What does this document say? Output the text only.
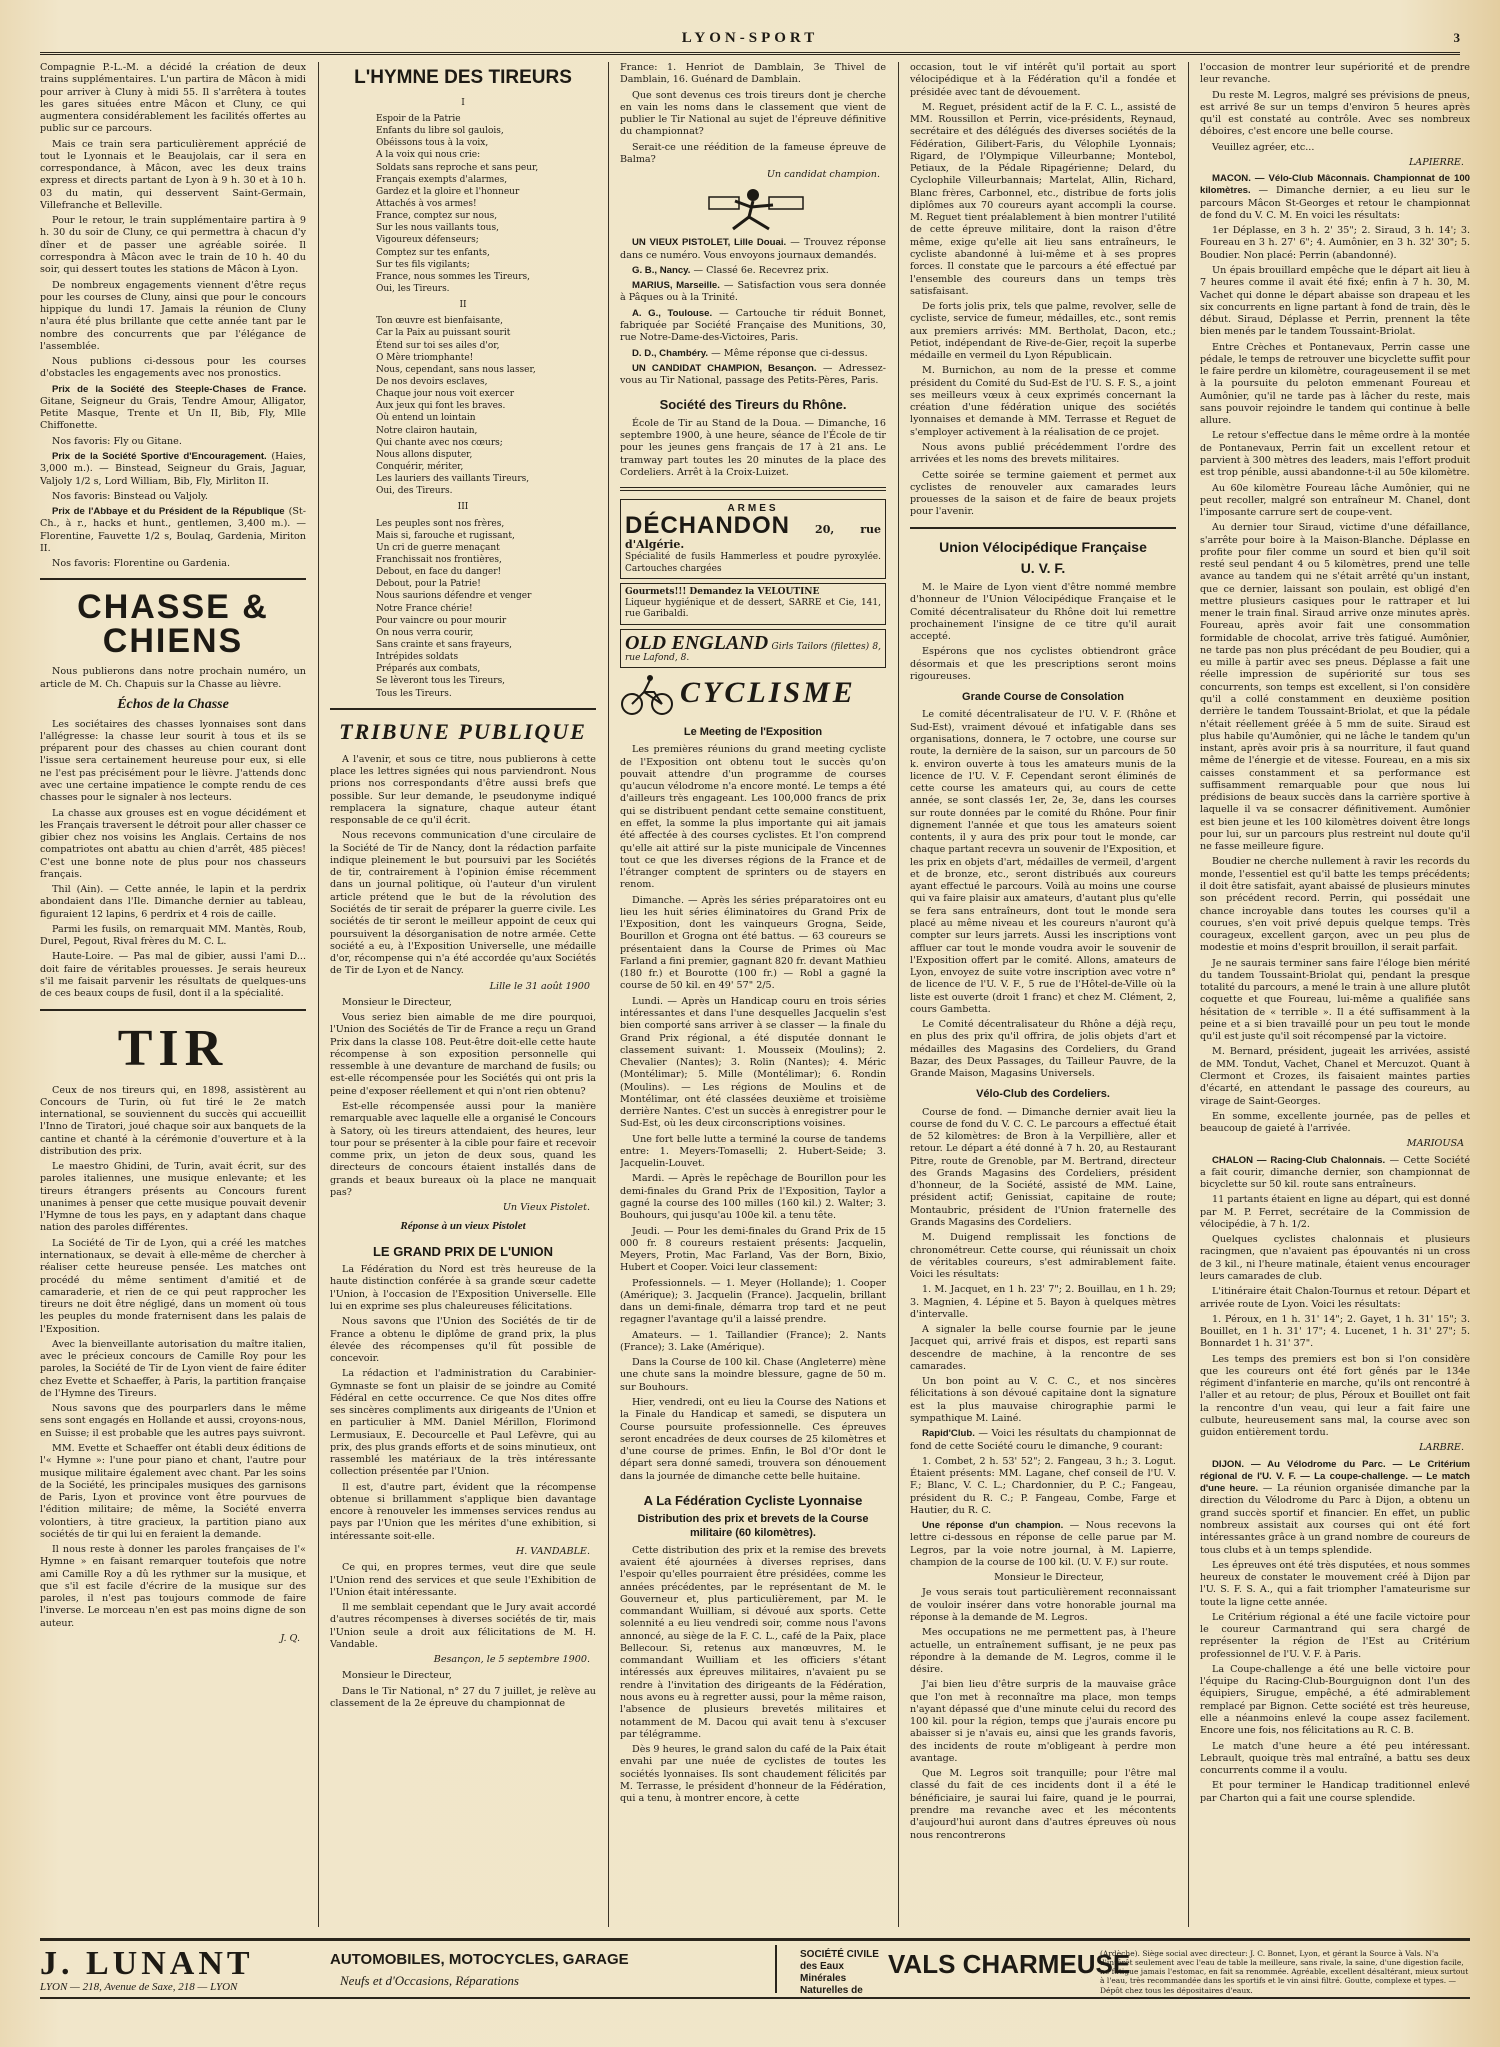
LYON-SPORT	3

Compagnie P.-L.-M. a décidé la création de deux trains supplémentaires. L'un partira de Mâcon à midi pour arriver à Cluny à midi 55. Il s'arrêtera à toutes les gares situées entre Mâcon et Cluny, ce qui augmentera considérablement les facilités offertes au public sur ce parcours.

Mais ce train sera particulièrement apprécié de tout le Lyonnais et le Beaujolais, car il sera en correspondance, à Mâcon, avec les deux trains express et directs partant de Lyon à 9 h. 30 et à 10 h. 03 du matin, qui desservent Saint-Germain, Villefranche et Belleville.

Pour le retour, le train supplémentaire partira à 9 h. 30 du soir de Cluny, ce qui permettra à chacun d'y dîner et de passer une agréable soirée. Il correspondra à Mâcon avec le train de 10 h. 40 du soir, qui dessert toutes les stations de Mâcon à Lyon.

De nombreux engagements viennent d'être reçus pour les courses de Cluny, ainsi que pour le concours hippique du lundi 17. Jamais la réunion de Cluny n'aura été plus brillante que cette année tant par le nombre des concurrents que par l'élégance de l'assemblée.

Nous publions ci-dessous pour les courses d'obstacles les engagements avec nos pronostics.

Prix de la Société des Steeple-Chases de France. Gitane, Seigneur du Grais, Tendre Amour, Alligator, Petite Masque, Trente et Un II, Bib, Fly, Mlle Chiffonette.

Nos favoris: Fly ou Gitane.

Prix de la Société Sportive d'Encouragement. (Haies, 3,000 m.). — Binstead, Seigneur du Grais, Jaguar, Valjoly 1/2 s, Lord William, Bib, Fly, Mirliton II.

Nos favoris: Binstead ou Valjoly.

Prix de l'Abbaye et du Président de la République (St-Ch., à r., hacks et hunt., gentlemen, 3,400 m.). — Florentine, Fauvette 1/2 s, Boulaq, Gardenia, Miriton II.

Nos favoris: Florentine ou Gardenia.

CHASSE & CHIENS

Nous publierons dans notre prochain numéro, un article de M. Ch. Chapuis sur la Chasse au lièvre.

Échos de la Chasse

Les sociétaires des chasses lyonnaises sont dans l'allégresse: la chasse leur sourit à tous et ils se préparent pour des chasses au chien courant dont l'issue sera certainement heureuse pour eux, si elle ne l'est pas précisément pour le lièvre. J'attends donc avec une certaine impatience le compte rendu de ces chasses pour le signaler à nos lecteurs.

La chasse aux grouses est en vogue décidément et les Français traversent le détroit pour aller chasser ce gibier chez nos voisins les Anglais. Certains de nos compatriotes ont abattu au chien d'arrêt, 485 pièces! C'est une bonne note de plus pour nos chasseurs français.

Thil (Ain). — Cette année, le lapin et la perdrix abondaient dans l'Ile. Dimanche dernier au tableau, figuraient 12 lapins, 6 perdrix et 4 rois de caille.

Parmi les fusils, on remarquait MM. Mantès, Roub, Durel, Pegout, Rival frères du M. C. L.

Haute-Loire. — Pas mal de gibier, aussi l'ami D... doit faire de véritables prouesses. Je serais heureux s'il me faisait parvenir les résultats de quelques-uns de ces beaux coups de fusil, dont il a la spécialité.

TIR

Ceux de nos tireurs qui, en 1898, assistèrent au Concours de Turin, où fut tiré le 2e match international, se souviennent du succès qui accueillit l'Inno de Tiratori, joué chaque soir aux banquets de la cantine et chanté à la cérémonie d'ouverture et à la distribution des prix.

Le maestro Ghidini, de Turin, avait écrit, sur des paroles italiennes, une musique enlevante; et les tireurs étrangers présents au Concours furent unanimes à penser que cette musique pouvait devenir l'Hymne de tous les pays, en y adaptant dans chaque nation des paroles différentes.

La Société de Tir de Lyon, qui a créé les matches internationaux, se devait à elle-même de chercher à réaliser cette heureuse pensée. Les matches ont procédé du même sentiment d'amitié et de camaraderie, et rien de ce qui peut rapprocher les tireurs ne doit être négligé, dans un moment où tous les peuples du monde fraternisent dans les palais de l'Exposition.

Avec la bienveillante autorisation du maître italien, avec le précieux concours de Camille Roy pour les paroles, la Société de Tir de Lyon vient de faire éditer chez Evette et Schaeffer, à Paris, la partition française de l'Hymne des Tireurs.

Nous savons que des pourparlers dans le même sens sont engagés en Hollande et aussi, croyons-nous, en Suisse; il est probable que les autres pays suivront.

MM. Evette et Schaeffer ont établi deux éditions de l'« Hymne »: l'une pour piano et chant, l'autre pour musique militaire également avec chant. Par les soins de la Société, les principales musiques des garnisons de Paris, Lyon et province vont être pourvues de l'édition militaire; de même, la Société enverra volontiers, à titre gracieux, la partition piano aux sociétés de tir qui lui en feraient la demande.

Il nous reste à donner les paroles françaises de l'« Hymne » en faisant remarquer toutefois que notre ami Camille Roy a dû les rythmer sur la musique, et que s'il est facile d'écrire de la musique sur des paroles, il n'est pas toujours commode de faire l'inverse. Le morceau n'en est pas moins digne de son auteur.

J. Q.
L'HYMNE DES TIREURS
I
Espoir de la Patrie
Enfants du libre sol gaulois,
Obéissons tous à la voix,
A la voix qui nous crie:
Soldats sans reproche et sans peur,
Français exempts d'alarmes,
Gardez et la gloire et l'honneur
Attachés à vos armes!
France, comptez sur nous,
Sur les nous vaillants tous,
Vigoureux défenseurs;
Comptez sur tes enfants,
Sur tes fils vigilants;
France, nous sommes les Tireurs,
Oui, les Tireurs.
II
Ton œuvre est bienfaisante,
Car la Paix au puissant sourit
Étend sur toi ses ailes d'or,
O Mère triomphante!
Nous, cependant, sans nous lasser,
De nos devoirs esclaves,
Chaque jour nous voit exercer
Aux jeux qui font les braves.
Où entend un lointain
Notre clairon hautain,
Qui chante avec nos cœurs;
Nous allons disputer,
Conquérir, mériter,
Les lauriers des vaillants Tireurs,
Oui, des Tireurs.
III
Les peuples sont nos frères,
Mais si, farouche et rugissant,
Un cri de guerre menaçant
Franchissait nos frontières,
Debout, en face du danger!
Debout, pour la Patrie!
Nous saurions défendre et venger
Notre France chérie!
Pour vaincre ou pour mourir
On nous verra courir,
Sans crainte et sans frayeurs,
Intrépides soldats
Préparés aux combats,
Se lèveront tous les Tireurs,
Tous les Tireurs.
TRIBUNE PUBLIQUE

A l'avenir, et sous ce titre, nous publierons à cette place les lettres signées qui nous parviendront. Nous prions nos correspondants d'être aussi brefs que possible. Sur leur demande, le pseudonyme indiqué remplacera la signature, chaque auteur étant responsable de ce qu'il écrit.

Nous recevons communication d'une circulaire de la Société de Tir de Nancy, dont la rédaction parfaite indique pleinement le but poursuivi par les Sociétés de tir, contrairement à l'opinion émise récemment dans un journal politique, où l'auteur d'un virulent article prétend que le but de la révolution des Sociétés de tir serait de préparer la guerre civile. Les sociétés de tir seront le meilleur appoint de ceux qui poursuivent la désorganisation de notre armée. Cette société a eu, à l'Exposition Universelle, une médaille d'or, récompense qui n'a été accordée qu'aux Sociétés de Tir de Lyon et de Nancy.

Lille le 31 août 1900

Monsieur le Directeur,

Vous seriez bien aimable de me dire pourquoi, l'Union des Sociétés de Tir de France a reçu un Grand Prix dans la classe 108. Peut-être doit-elle cette haute récompense à son exposition personnelle qui ressemble à une devanture de marchand de fusils; ou est-elle récompensée pour les Sociétés qui ont pris la peine d'exposer réellement et qui n'ont rien obtenu?

Est-elle récompensée aussi pour la manière remarquable avec laquelle elle a organisé le Concours à Satory, où les tireurs attendaient, des heures, leur tour pour se présenter à la cible pour faire et recevoir comme prix, un jeton de deux sous, quand les directeurs de concours étaient installés dans de grands et beaux bureaux où la place ne manquait pas?

Un Vieux Pistolet.
Réponse à un vieux Pistolet
LE GRAND PRIX DE L'UNION

La Fédération du Nord est très heureuse de la haute distinction conférée à sa grande sœur cadette l'Union, à l'occasion de l'Exposition Universelle. Elle lui en exprime ses plus chaleureuses félicitations.

Nous savons que l'Union des Sociétés de tir de France a obtenu le diplôme de grand prix, la plus élevée des récompenses qu'il fût possible de concevoir.

La rédaction et l'administration du Carabinier-Gymnaste se font un plaisir de se joindre au Comité Fédéral en cette occurrence. Ce que Nos dites offre ses sincères compliments aux dirigeants de l'Union et en particulier à MM. Daniel Mérillon, Florimond Lermusiaux, E. Decourcelle et Paul Lefèvre, qui au prix, des plus grands efforts et de soins minutieux, ont rassemblé les matériaux de la très intéressante collection présentée par l'Union.

Il est, d'autre part, évident que la récompense obtenue si brillamment s'applique bien davantage encore à renouveler les immenses services rendus au pays par l'Union que les mérites d'une exhibition, si intéressante soit-elle.

H. VANDABLE.

Ce qui, en propres termes, veut dire que seule l'Union rend des services et que seule l'Exhibition de l'Union était intéressante.

Il me semblait cependant que le Jury avait accordé d'autres récompenses à diverses sociétés de tir, mais l'Union seule a droit aux félicitations de M. H. Vandable.

Besançon, le 5 septembre 1900.

Monsieur le Directeur,

Dans le Tir National, n° 27 du 7 juillet, je relève au classement de la 2e épreuve du championnat de

France: 1. Henriot de Damblain, 3e Thivel de Damblain, 16. Guénard de Damblain.

Que sont devenus ces trois tireurs dont je cherche en vain les noms dans le classement que vient de publier le Tir National au sujet de l'épreuve définitive du championnat?

Serait-ce une réédition de la fameuse épreuve de Balma?

Un candidat champion.

UN VIEUX PISTOLET, Lille Douai. — Trouvez réponse dans ce numéro. Vous envoyons journaux demandés.

G. B., Nancy. — Classé 6e. Recevrez prix.

MARIUS, Marseille. — Satisfaction vous sera donnée à Pâques ou à la Trinité.

A. G., Toulouse. — Cartouche tir réduit Bonnet, fabriquée par Société Française des Munitions, 30, rue Notre-Dame-des-Victoires, Paris.

D. D., Chambéry. — Même réponse que ci-dessus.

UN CANDIDAT CHAMPION, Besançon. — Adressez-vous au Tir National, passage des Petits-Pères, Paris.

Société des Tireurs du Rhône.

École de Tir au Stand de la Doua. — Dimanche, 16 septembre 1900, à une heure, séance de l'École de tir pour les jeunes gens français de 17 à 21 ans. Le tramway part toutes les 20 minutes de la place des Cordeliers. Arrêt à la Croix-Luizet.

ARMES
DÉCHANDON 20, rue d'Algérie.
Spécialité de fusils Hammerless et poudre pyroxylée. Cartouches chargées
Gourmets!!! Demandez la VELOUTINE
Liqueur hygiénique et de dessert, SARRE et Cie, 141, rue Garibaldi.
OLD ENGLAND Girls Tailors (filettes) 8, rue Lafond, 8.
CYCLISME
Le Meeting de l'Exposition

Les premières réunions du grand meeting cycliste de l'Exposition ont obtenu tout le succès qu'on pouvait attendre d'un programme de courses qu'aucun vélodrome n'a encore monté. Le temps a été d'ailleurs très engageant. Les 100,000 francs de prix qui se distribuent pendant cette semaine constituent, en effet, la somme la plus importante qui ait jamais été affectée à des courses cyclistes. Et l'on comprend qu'elle ait attiré sur la piste municipale de Vincennes tout ce que les diverses régions de la France et de l'étranger comptent de sprinters ou de stayers en renom.

Dimanche. — Après les séries préparatoires ont eu lieu les huit séries éliminatoires du Grand Prix de l'Exposition, dont les vainqueurs Grogna, Seide, Bourillon et Grogna ont été battus. — 63 coureurs se présentaient dans la Course de Primes où Mac Farland a fini premier, gagnant 820 fr. devant Mathieu (180 fr.) et Bourotte (100 fr.) — Robl a gagné la course de 50 kil. en 49' 57" 2/5.

Lundi. — Après un Handicap couru en trois séries intéressantes et dans l'une desquelles Jacquelin s'est bien comporté sans arriver à se classer — la finale du Grand Prix régional, a été disputée donnant le classement suivant: 1. Mousseix (Moulins); 2. Chevalier (Nantes); 3. Rolin (Nantes); 4. Méric (Montélimar); 5. Mille (Montélimar); 6. Rondin (Moulins). — Les régions de Moulins et de Montélimar, ont été classées deuxième et troisième derrière Nantes. C'est un succès à enregistrer pour le Sud-Est, où les deux circonscriptions voisines.

Une fort belle lutte a terminé la course de tandems entre: 1. Meyers-Tomaselli; 2. Hubert-Seide; 3. Jacquelin-Louvet.

Mardi. — Après le repêchage de Bourillon pour les demi-finales du Grand Prix de l'Exposition, Taylor a gagné la course des 100 milles (160 kil.) 2. Walter; 3. Bouhours, qui jusqu'au 100e kil. a tenu tête.

Jeudi. — Pour les demi-finales du Grand Prix de 15 000 fr. 8 coureurs restaient présents: Jacquelin, Meyers, Protin, Mac Farland, Vas der Born, Bixio, Hubert et Cooper. Voici leur classement:

Professionnels. — 1. Meyer (Hollande); 1. Cooper (Amérique); 3. Jacquelin (France). Jacquelin, brillant dans un demi-finale, démarra trop tard et ne peut regagner l'avantage qu'il a laissé prendre.

Amateurs. — 1. Taillandier (France); 2. Nants (France); 3. Lake (Amérique).

Dans la Course de 100 kil. Chase (Angleterre) mène une chute sans la moindre blessure, gagne de 50 m. sur Bouhours.

Hier, vendredi, ont eu lieu la Course des Nations et la Finale du Handicap et samedi, se disputera un Course poursuite professionnelle. Ces épreuves seront encadrées de deux courses de 25 kilomètres et d'une course de primes. Enfin, le Bol d'Or dont le départ sera donné samedi, trouvera son dénouement dans la journée de dimanche cette belle huitaine.

A La Fédération Cycliste Lyonnaise
Distribution des prix et brevets de la Course militaire (60 kilomètres).

Cette distribution des prix et la remise des brevets avaient été ajournées à diverses reprises, dans l'espoir qu'elles pourraient être présidées, comme les années précédentes, par le représentant de M. le Gouverneur et, plus particulièrement, par M. le commandant Wuilliam, si dévoué aux sports. Cette solennité a eu lieu vendredi soir, comme nous l'avons annoncé, au siège de la F. C. L., café de la Paix, place Bellecour. Si, retenus aux manœuvres, M. le commandant Wuilliam et les officiers s'étant intéressés aux épreuves militaires, n'avaient pu se rendre à l'invitation des dirigeants de la Fédération, nous avons eu à regretter aussi, pour la même raison, l'absence de plusieurs brevetés militaires et notamment de M. Dacou qui avait tenu à s'excuser par télégramme.

Dès 9 heures, le grand salon du café de la Paix était envahi par une nuée de cyclistes de toutes les sociétés lyonnaises. Ils sont chaudement félicités par M. Terrasse, le président d'honneur de la Fédération, qui a tenu, à montrer encore, à cette

occasion, tout le vif intérêt qu'il portait au sport vélocipédique et à la Fédération qu'il a fondée et présidée avec tant de dévouement.

M. Reguet, président actif de la F. C. L., assisté de MM. Roussillon et Perrin, vice-présidents, Reynaud, secrétaire et des délégués des diverses sociétés de la Fédération, Gilibert-Faris, du Vélophile Lyonnais; Rigard, de l'Olympique Villeurbanne; Montebol, Petiaux, de la Pédale Ripagérienne; Delard, du Cyclophile Villeurbannais; Martelat, Allin, Richard, Blanc frères, Carbonnel, etc., distribue de forts jolis diplômes aux 70 coureurs ayant accompli la course. M. Reguet tient préalablement à bien montrer l'utilité de cette épreuve militaire, dont la raison d'être même, exige qu'elle ait lieu sans entraîneurs, le cycliste abandonné à lui-même et à ses propres forces. Il constate que le parcours a été effectué par l'ensemble des coureurs dans un temps très satisfaisant.

De forts jolis prix, tels que palme, revolver, selle de cycliste, service de fumeur, médailles, etc., sont remis aux premiers arrivés: MM. Bertholat, Dacon, etc.; Petiot, indépendant de Rive-de-Gier, reçoit la superbe médaille en vermeil du Lyon Républicain.

M. Burnichon, au nom de la presse et comme président du Comité du Sud-Est de l'U. S. F. S., a joint ses meilleurs vœux à ceux exprimés concernant la création d'une fédération unique des sociétés lyonnaises et demande à MM. Terrasse et Reguet de s'employer activement à la réalisation de ce projet.

Nous avons publié précédemment l'ordre des arrivées et les noms des brevets militaires.

Cette soirée se termine gaiement et permet aux cyclistes de renouveler aux camarades leurs prouesses de la saison et de faire de beaux projets pour l'avenir.

Union Vélocipédique Française
U. V. F.

M. le Maire de Lyon vient d'être nommé membre d'honneur de l'Union Vélocipédique Française et le Comité décentralisateur du Rhône doit lui remettre prochainement l'insigne de ce titre qu'il aurait accepté.

Espérons que nos cyclistes obtiendront grâce désormais et que les prescriptions seront moins rigoureuses.

Grande Course de Consolation

Le comité décentralisateur de l'U. V. F. (Rhône et Sud-Est), vraiment dévoué et infatigable dans ses organisations, donnera, le 7 octobre, une course sur route, la dernière de la saison, sur un parcours de 50 k. environ ouverte à tous les amateurs munis de la licence de l'U. V. F. Cependant seront éliminés de cette course les amateurs qui, au cours de cette année, se sont classés 1er, 2e, 3e, dans les courses sur route données par le comité du Rhône. Pour finir dignement l'année et que tous les amateurs soient contents, il y aura des prix pour tout le monde, car chaque partant recevra un souvenir de l'Exposition, et les prix en objets d'art, médailles de vermeil, d'argent et de bronze, etc., seront distribués aux coureurs ayant effectué le parcours. Voilà au moins une course qui va faire plaisir aux amateurs, d'autant plus qu'elle se fera sans entraîneurs, dont tout le monde sera placé au même niveau et les coureurs n'auront qu'à compter sur leurs jarrets. Aussi les inscriptions vont affluer car tout le monde voudra avoir le souvenir de l'Exposition offert par le comité. Allons, amateurs de Lyon, envoyez de suite votre inscription avec votre n° de licence de l'U. V. F., 5 rue de l'Hôtel-de-Ville où la liste est ouverte (droit 1 franc) et chez M. Clément, 2, cours Gambetta.

Le Comité décentralisateur du Rhône a déjà reçu, en plus des prix qu'il offrira, de jolis objets d'art et médailles des Magasins des Cordeliers, du Grand Bazar, des Deux Passages, du Tailleur Pauvre, de la Grande Maison, Magasins Universels.

Vélo-Club des Cordeliers.

Course de fond. — Dimanche dernier avait lieu la course de fond du V. C. C. Le parcours a effectué était de 52 kilomètres: de Bron à la Verpillière, aller et retour. Le départ a été donné à 7 h. 20, au Restaurant Pitre, route de Grenoble, par M. Bertrand, directeur des Grands Magasins des Cordeliers, président d'honneur, de la Société, assisté de MM. Laine, président actif; Genissiat, capitaine de route; Montaubric, président de l'Union fraternelle des Grands Magasins des Cordeliers.

M. Duigend remplissait les fonctions de chronométreur. Cette course, qui réunissait un choix de véritables coureurs, s'est admirablement faite. Voici les résultats:

1. M. Jacquet, en 1 h. 23' 7"; 2. Bouillau, en 1 h. 29; 3. Magnien, 4. Lépine et 5. Bayon à quelques mètres d'intervalle.

A signaler la belle course fournie par le jeune Jacquet qui, arrivé frais et dispos, est reparti sans descendre de machine, à la rencontre de ses camarades.

Un bon point au V. C. C., et nos sincères félicitations à son dévoué capitaine dont la signature est la plus mauvaise chirographie parmi le sympathique M. Lainé.

Rapid'Club. — Voici les résultats du championnat de fond de cette Société couru le dimanche, 9 courant:

1. Combet, 2 h. 53' 52"; 2. Fangeau, 3 h.; 3. Logut. Étaient présents: MM. Lagane, chef conseil de l'U. V. F.; Blanc, V. C. L.; Chardonnier, du P. C.; Fangeau, président du R. C.; P. Fangeau, Combe, Farge et Hautier, du R. C.

Une réponse d'un champion. — Nous recevons la lettre ci-dessous en réponse de celle parue par M. Legros, par la voie notre journal, à M. Lapierre, champion de la course de 100 kil. (U. V. F.) sur route.

Monsieur le Directeur,

Je vous serais tout particulièrement reconnaissant de vouloir insérer dans votre honorable journal ma réponse à la demande de M. Legros.

Mes occupations ne me permettent pas, à l'heure actuelle, un entraînement suffisant, je ne peux pas répondre à la demande de M. Legros, comme il le désire.

J'ai bien lieu d'être surpris de la mauvaise grâce que l'on met à reconnaître ma place, mon temps n'ayant dépassé que d'une minute celui du record des 100 kil. pour la région, temps que j'aurais encore pu abaisser si je n'avais eu, ainsi que les grands favoris, des incidents de route m'obligeant à perdre mon avantage.

Que M. Legros soit tranquille; pour l'être mal classé du fait de ces incidents dont il a été le bénéficiaire, je saurai lui faire, quand je le pourrai, prendre ma revanche avec et les mécontents d'aujourd'hui auront dans d'autres épreuves où nous nous rencontrerons

l'occasion de montrer leur supériorité et de prendre leur revanche.

Du reste M. Legros, malgré ses prévisions de pneus, est arrivé 8e sur un temps d'environ 5 heures après qu'il est constaté au contrôle. Avec ses nombreux déboires, c'est encore une belle course.

Veuillez agréer, etc...

LAPIERRE.

MACON. — Vélo-Club Mâconnais. Championnat de 100 kilomètres. — Dimanche dernier, a eu lieu sur le parcours Mâcon St-Georges et retour le championnat de fond du V. C. M. En voici les résultats:

1er Déplasse, en 3 h. 2' 35"; 2. Siraud, 3 h. 14'; 3. Foureau en 3 h. 27' 6"; 4. Aumônier, en 3 h. 32' 30"; 5. Boudier. Non placé: Perrin (abandonné).

Un épais brouillard empêche que le départ ait lieu à 7 heures comme il avait été fixé; enfin à 7 h. 30, M. Vachet qui donne le départ abaisse son drapeau et les six concurrents en ligne partant à fond de train, dès le début. Siraud, Déplasse et Perrin, prennent la tête bien menés par le tandem Toussaint-Briolat.

Entre Crèches et Pontanevaux, Perrin casse une pédale, le temps de retrouver une bicyclette suffit pour le faire perdre un kilomètre, courageusement il se met à la poursuite du peloton emmenant Foureau et Aumônier, qu'il ne tarde pas à lâcher du reste, mais sans pouvoir rejoindre le tandem qui continue à belle allure.

Le retour s'effectue dans le même ordre à la montée de Pontanevaux, Perrin fait un excellent retour et parvient à 300 mètres des leaders, mais l'effort produit est trop pénible, aussi abandonne-t-il au 50e kilomètre.

Au 60e kilomètre Foureau lâche Aumônier, qui ne peut recoller, malgré son entraîneur M. Chanel, dont l'imposante carrure sert de coupe-vent.

Au dernier tour Siraud, victime d'une défaillance, s'arrête pour boire à la Maison-Blanche. Déplasse en profite pour filer comme un sourd et bien qu'il soit resté seul pendant 4 ou 5 kilomètres, prend une telle avance au tandem qui ne s'était arrêté qu'un instant, que ce dernier, laissant son poulain, est obligé d'en mettre plusieurs casiques pour le rattraper et lui mener le train final. Siraud arrive onze minutes après. Foureau, après avoir fait une consommation formidable de chocolat, arrive très fatigué. Aumônier, ne tarde pas non plus précédant de peu Boudier, qui a eu mille à partir avec ses pneus. Déplasse a fait une réelle impression de supériorité sur tous ses concurrents, son temps est excellent, si l'on considère qu'il a collé constamment en deuxième position derrière le tandem Toussaint-Briolat, et que la pédale n'était réellement gréée à 5 mm de suite. Siraud est plus habile qu'Aumônier, qui ne lâche le tandem qu'un instant, après avoir pris à sa nourriture, il faut quand même de l'énergie et de vitesse. Foureau, en a mis six caisses constamment et sa performance est suffisamment remarquable pour que nous lui prédisions de beaux succès dans la carrière sportive à laquelle il va se consacrer définitivement. Aumônier est bien jeune et les 100 kilomètres doivent être longs pour lui, sur un parcours plus restreint nul doute qu'il ne fasse meilleure figure.

Boudier ne cherche nullement à ravir les records du monde, l'essentiel est qu'il batte les temps précédents; il doit être satisfait, ayant abaissé de plusieurs minutes son précédent record. Perrin, qui possédait une chance incroyable dans toutes les courses qu'il a courues, s'en voit privé depuis quelque temps. Très courageux, excellent garçon, avec un peu plus de modestie et moins d'esprit brouillon, il serait parfait.

Je ne saurais terminer sans faire l'éloge bien mérité du tandem Toussaint-Briolat qui, pendant la presque totalité du parcours, a mené le train à une allure plutôt coquette et que Foureau, lui-même a qualifiée sans hésitation de « terrible ». Il a été suffisamment à la peine et a si bien travaillé pour un peu tout le monde qu'il est juste qu'il soit récompensé par la victoire.

M. Bernard, président, jugeait les arrivées, assisté de MM. Tondut, Vachet, Chanel et Mercuzot. Quant à Clermont et Crozes, ils faisaient maintes parties d'écarté, en attendant le passage des coureurs, au virage de Saint-Georges.

En somme, excellente journée, pas de pelles et beaucoup de gaieté à l'arrivée.

MARIOUSA

CHALON — Racing-Club Chalonnais. — Cette Société a fait courir, dimanche dernier, son championnat de bicyclette sur 50 kil. route sans entraîneurs.

11 partants étaient en ligne au départ, qui est donné par M. P. Ferret, secrétaire de la Commission de vélocipédie, à 7 h. 1/2.

Quelques cyclistes chalonnais et plusieurs racingmen, que n'avaient pas épouvantés ni un cross de 3 kil., ni l'heure matinale, étaient venus encourager leurs camarades de club.

L'itinéraire était Chalon-Tournus et retour. Départ et arrivée route de Lyon. Voici les résultats:

1. Péroux, en 1 h. 31' 14"; 2. Gayet, 1 h. 31' 15"; 3. Bouillet, en 1 h. 31' 17"; 4. Lucenet, 1 h. 31' 27"; 5. Bonnardet 1 h. 31' 37".

Les temps des premiers est bon si l'on considère que les coureurs ont été fort gênés par le 134e régiment d'infanterie en marche, qu'ils ont rencontré à l'aller et au retour; de plus, Péroux et Bouillet ont fait la rencontre d'un veau, qui leur a fait faire une culbute, heureusement sans mal, la course avec son guidon entièrement tordu.

LARBRE.

DIJON. — Au Vélodrome du Parc. — Le Critérium régional de l'U. V. F. — La coupe-challenge. — Le match d'une heure. — La réunion organisée dimanche par la direction du Vélodrome du Parc à Dijon, a obtenu un grand succès sportif et financier. En effet, un public nombreux assistait aux courses qui ont été fort intéressantes grâce à un grand nombre de coureurs de tous clubs et à un temps splendide.

Les épreuves ont été très disputées, et nous sommes heureux de constater le mouvement créé à Dijon par l'U. S. F. S. A., qui a fait triompher l'amateurisme sur toute la ligne cette année.

Le Critérium régional a été une facile victoire pour le coureur Carmantrand qui sera chargé de représenter la région de l'Est au Critérium professionnel de l'U. V. F. à Paris.

La Coupe-challenge a été une belle victoire pour l'équipe du Racing-Club-Bourguignon dont l'un des équipiers, Sirugue, empêché, a été admirablement remplacé par Bignon. Cette société est très heureuse, elle a néanmoins enlevé la coupe assez facilement. Encore une fois, nos félicitations au R. C. B.

Le match d'une heure a été peu intéressant. Lebrault, quoique très mal entraîné, a battu ses deux concurrents comme il a voulu.

Et pour terminer le Handicap traditionnel enlevé par Charton qui a fait une course splendide.

J. LUNANT
LYON — 218, Avenue de Saxe, 218 — LYON
AUTOMOBILES, MOTOCYCLES, GARAGE
Neufs et d'Occasions, Réparations
SOCIÉTÉ CIVILE des Eaux Minérales Naturelles de
VALS CHARMEUSE
(Ardèche). Siège social avec directeur: J. C. Bonnet, Lyon, et gérant la Source à Vals. N'a d'intérêt seulement avec l'eau de table la meilleure, sans rivale, la saine, d'une digestion facile, ne fatigue jamais l'estomac, en fait sa renommée. Agréable, excellent désaltérant, mieux surtout à l'eau, très recommandée dans les sportifs et le vin ainsi filtré. Goutte, complexe et types. — Dépôt chez tous les dépositaires d'eaux.
